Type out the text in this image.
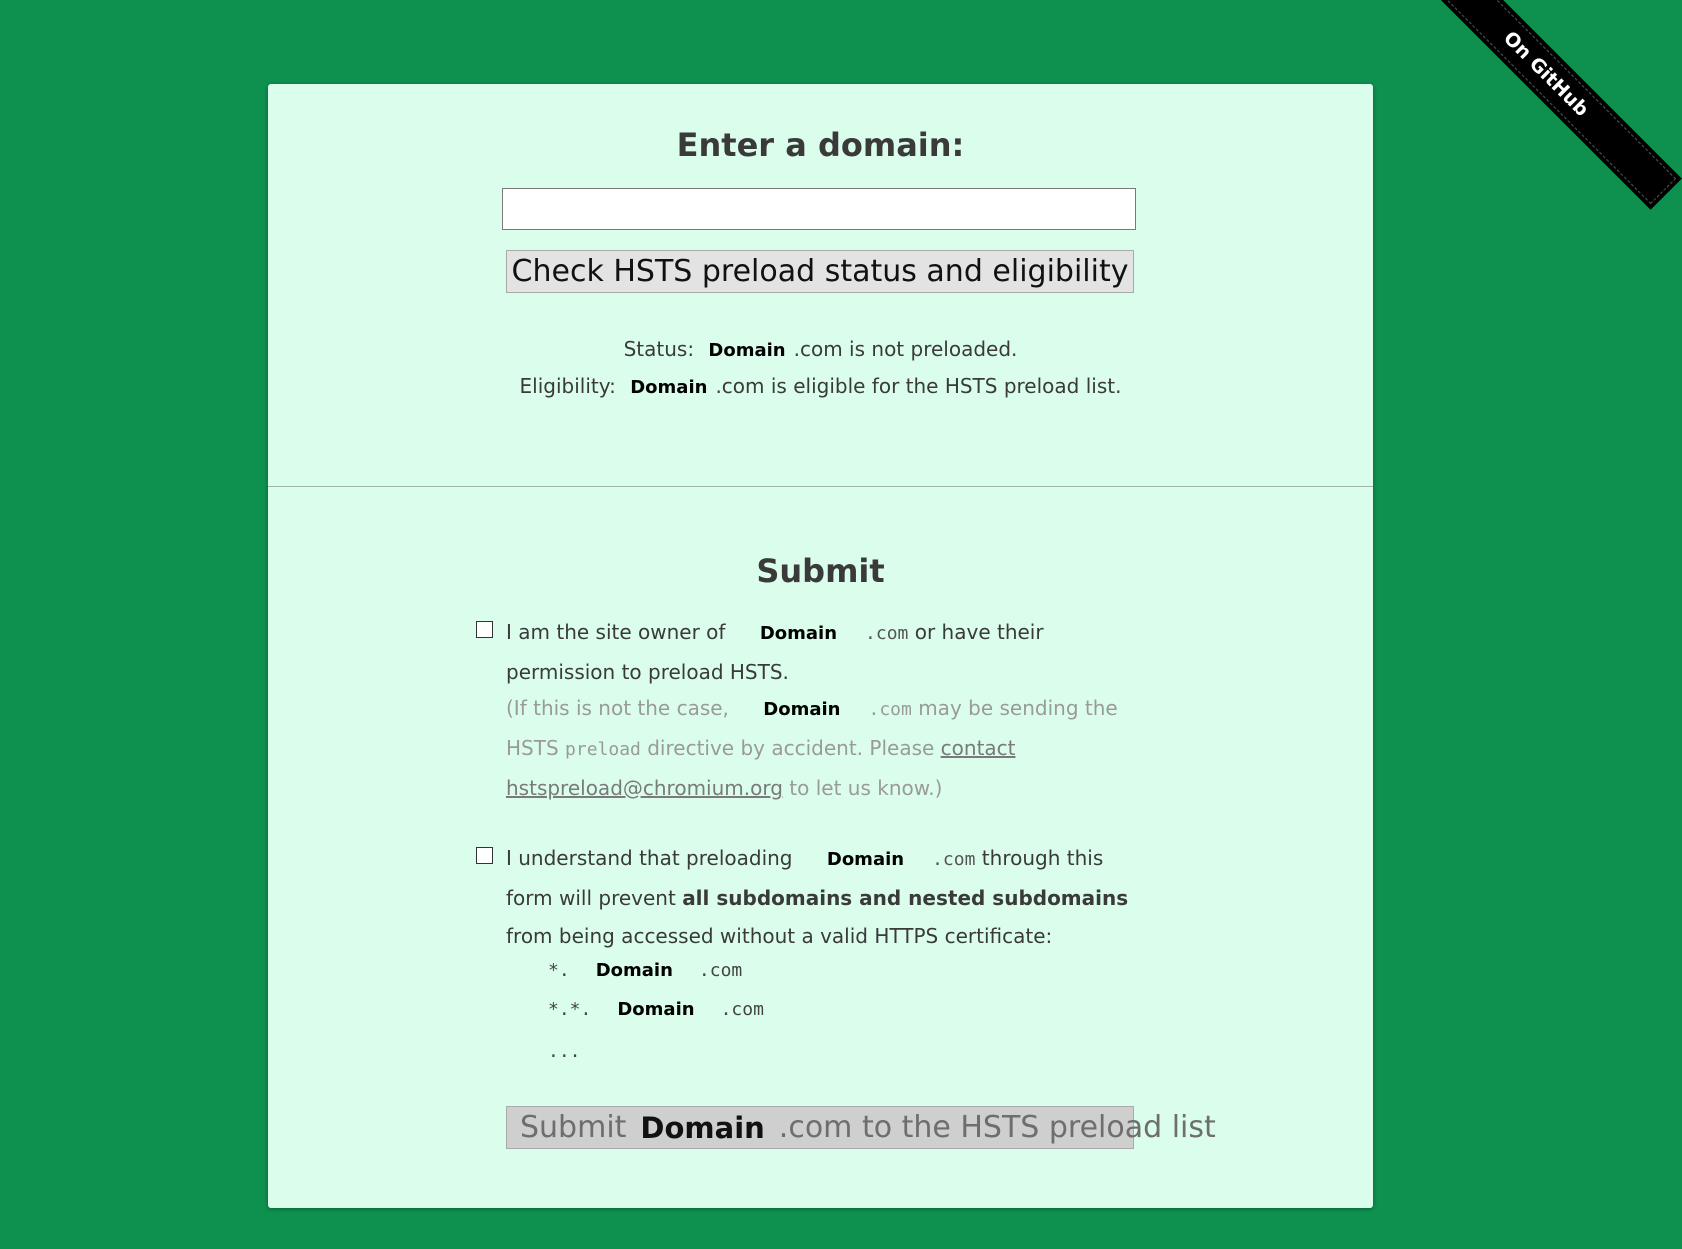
On GitHub
Enter a domain:
Check HSTS preload status and eligibility
Status: Domain .com is not preloaded.
Eligibility: Domain .com is eligible for the HSTS preload list.
Submit
I am the site owner of Domain .com or have their permission to preload HSTS.
(If this is not the case, Domain .com may be sending the HSTS preload directive by accident. Please contact hstspreload@chromium.org to let us know.)
I understand that preloading Domain .com through this form will prevent all subdomains and nested subdomains from being accessed without a valid HTTPS certificate:
*. Domain .com
*.*. Domain .com
...
Submit Domain .com to the HSTS preload list
